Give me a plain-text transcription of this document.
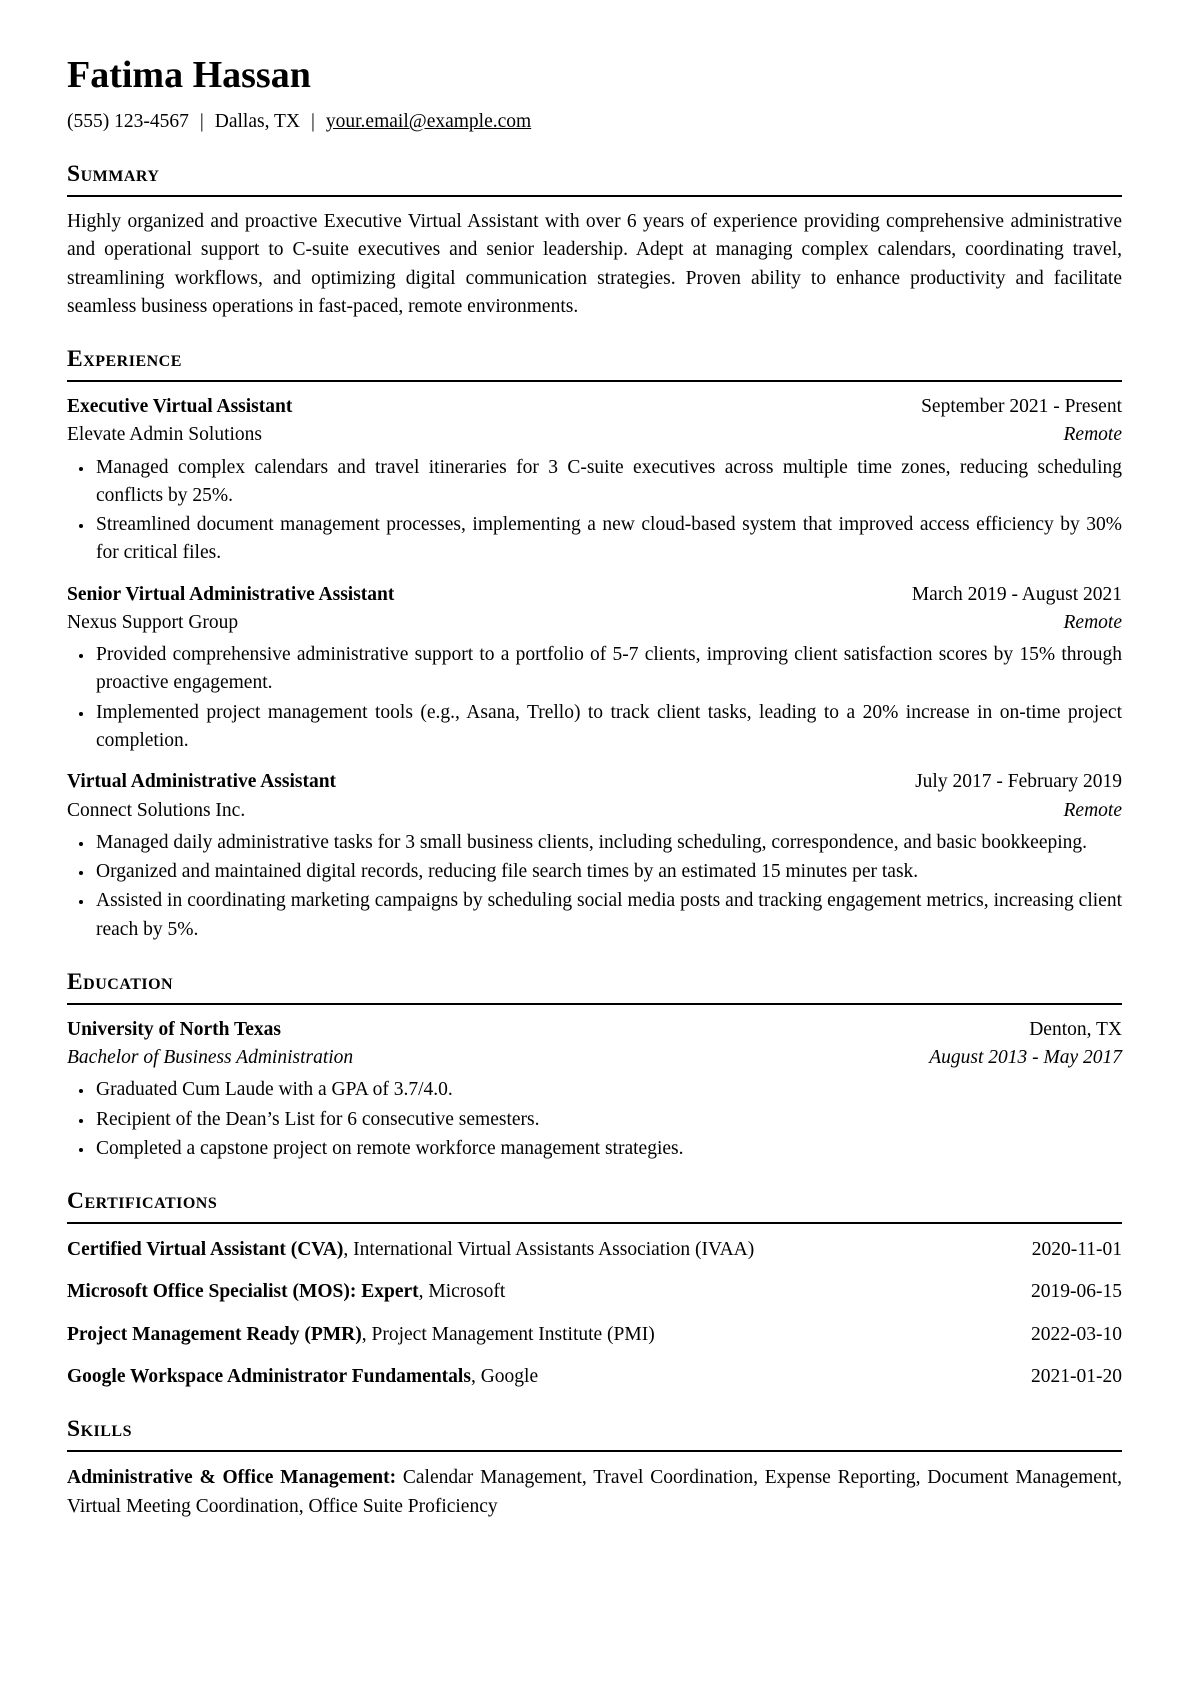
Fatima Hassan
(555) 123-4567 | Dallas, TX | your.email@example.com
Summary

Highly organized and proactive Executive Virtual Assistant with over 6 years of experience providing comprehensive administrative and operational support to C-suite executives and senior leadership. Adept at managing complex calendars, coordinating travel, streamlining workflows, and optimizing digital communication strategies. Proven ability to enhance productivity and facilitate seamless business operations in fast-paced, remote environments.

Experience
Executive Virtual Assistant	September 2021 - Present
Elevate Admin Solutions	Remote
• Managed complex calendars and travel itineraries for 3 C-suite executives across multiple time zones, reducing scheduling conflicts by 25%.
• Streamlined document management processes, implementing a new cloud-based system that improved access efficiency by 30% for critical files.
Senior Virtual Administrative Assistant	March 2019 - August 2021
Nexus Support Group	Remote
• Provided comprehensive administrative support to a portfolio of 5-7 clients, improving client satisfaction scores by 15% through proactive engagement.
• Implemented project management tools (e.g., Asana, Trello) to track client tasks, leading to a 20% increase in on-time project completion.
Virtual Administrative Assistant	July 2017 - February 2019
Connect Solutions Inc.	Remote
• Managed daily administrative tasks for 3 small business clients, including scheduling, correspondence, and basic bookkeeping.
• Organized and maintained digital records, reducing file search times by an estimated 15 minutes per task.
• Assisted in coordinating marketing campaigns by scheduling social media posts and tracking engagement metrics, increasing client reach by 5%.
Education
University of North Texas	Denton, TX
Bachelor of Business Administration	August 2013 - May 2017
• Graduated Cum Laude with a GPA of 3.7/4.0.
• Recipient of the Dean’s List for 6 consecutive semesters.
• Completed a capstone project on remote workforce management strategies.
Certifications
Certified Virtual Assistant (CVA), International Virtual Assistants Association (IVAA)	2020-11-01
Microsoft Office Specialist (MOS): Expert, Microsoft	2019-06-15
Project Management Ready (PMR), Project Management Institute (PMI)	2022-03-10
Google Workspace Administrator Fundamentals, Google	2021-01-20
Skills

Administrative & Office Management: Calendar Management, Travel Coordination, Expense Reporting, Document Management, Virtual Meeting Coordination, Office Suite Proficiency
